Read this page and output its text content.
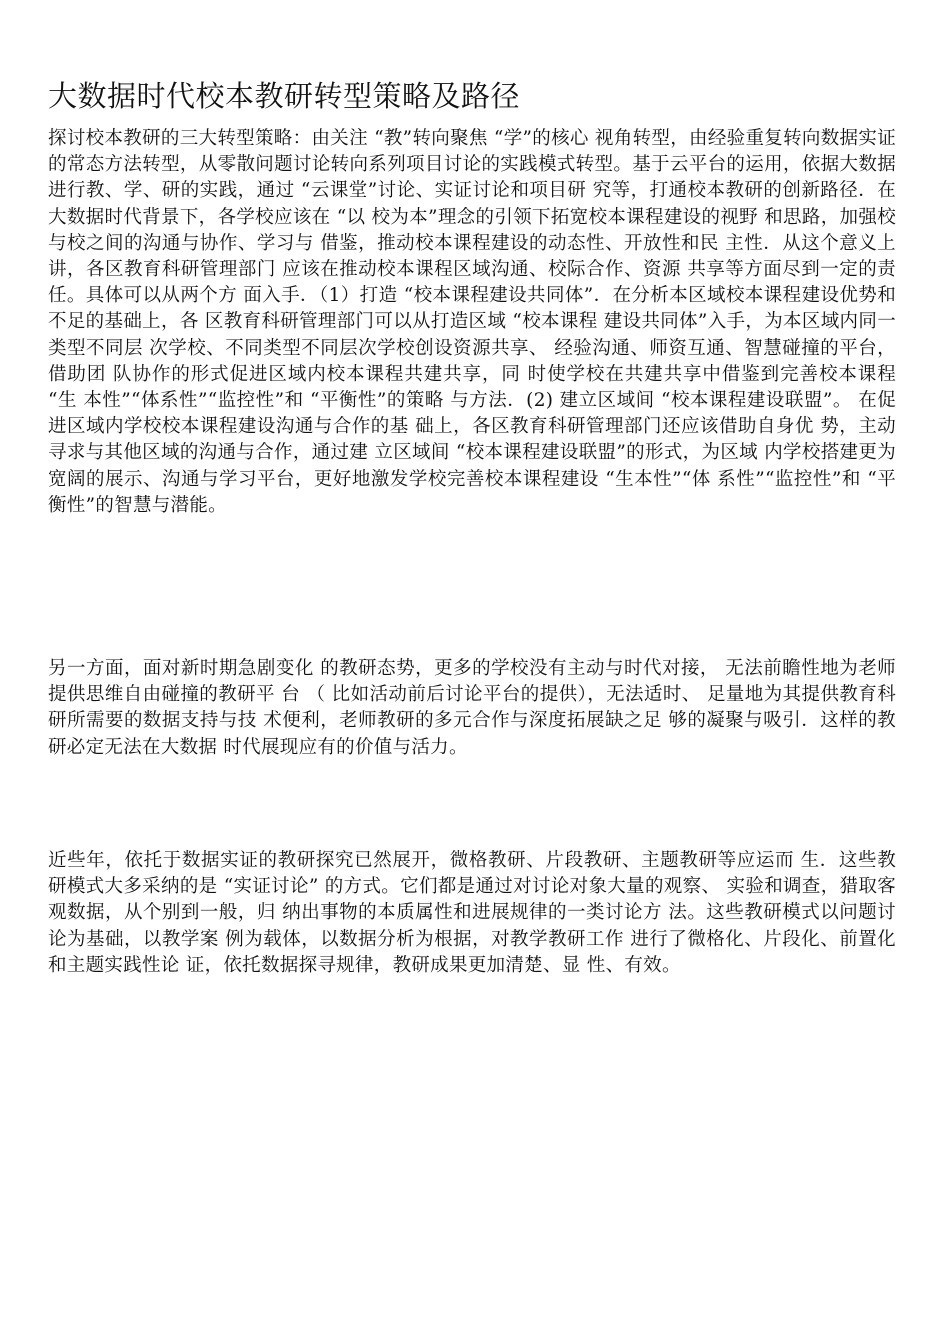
大数据时代校本教研转型策略及路径

探讨校本教研的三大转型策略：由关注 “教”转向聚焦 “学”的核心 视角转型，由经验重复转向数据实证的常态方法转型，从零散问题讨论转向系列项目讨论的实践模式转型。基于云平台的运用，依据大数据进行教、学、研的实践，通过 “云课堂”讨论、实证讨论和项目研 究等，打通校本教研的创新路径．在大数据时代背景下，各学校应该在 “以 校为本”理念的引领下拓宽校本课程建设的视野 和思路，加强校与校之间的沟通与协作、学习与 借鉴，推动校本课程建设的动态性、开放性和民 主性．从这个意义上讲，各区教育科研管理部门 应该在推动校本课程区域沟通、校际合作、资源 共享等方面尽到一定的责任。具体可以从两个方 面入手．（1）打造 “校本课程建设共同体”．在分析本区域校本课程建设优势和不足的基础上，各 区教育科研管理部门可以从打造区域 “校本课程 建设共同体”入手，为本区域内同一类型不同层 次学校、不同类型不同层次学校创设资源共享、 经验沟通、师资互通、智慧碰撞的平台，借助团 队协作的形式促进区域内校本课程共建共享，同 时使学校在共建共享中借鉴到完善校本课程 “生 本性”“体系性”“监控性”和 “平衡性”的策略 与方法．(2) 建立区域间 “校本课程建设联盟”。 在促进区域内学校校本课程建设沟通与合作的基 础上，各区教育科研管理部门还应该借助自身优 势，主动寻求与其他区域的沟通与合作，通过建 立区域间 “校本课程建设联盟”的形式，为区域 内学校搭建更为宽阔的展示、沟通与学习平台，更好地激发学校完善校本课程建设 “生本性”“体 系性”“监控性”和 “平衡性”的智慧与潜能。

另一方面，面对新时期急剧变化 的教研态势，更多的学校没有主动与时代对接， 无法前瞻性地为老师提供思维自由碰撞的教研平 台 （ 比如活动前后讨论平台的提供），无法适时、 足量地为其提供教育科研所需要的数据支持与技 术便利，老师教研的多元合作与深度拓展缺之足 够的凝聚与吸引．这样的教研必定无法在大数据 时代展现应有的价值与活力。

近些年，依托于数据实证的教研探究已然展开，微格教研、片段教研、主题教研等应运而 生．这些教研模式大多采纳的是 “实证讨论” 的方式。它们都是通过对讨论对象大量的观察、 实验和调查，猎取客观数据，从个别到一般，归 纳出事物的本质属性和进展规律的一类讨论方 法。这些教研模式以问题讨论为基础，以教学案 例为载体，以数据分析为根据，对教学教研工作 进行了微格化、片段化、前置化和主题实践性论 证，依托数据探寻规律，教研成果更加清楚、显 性、有效。
